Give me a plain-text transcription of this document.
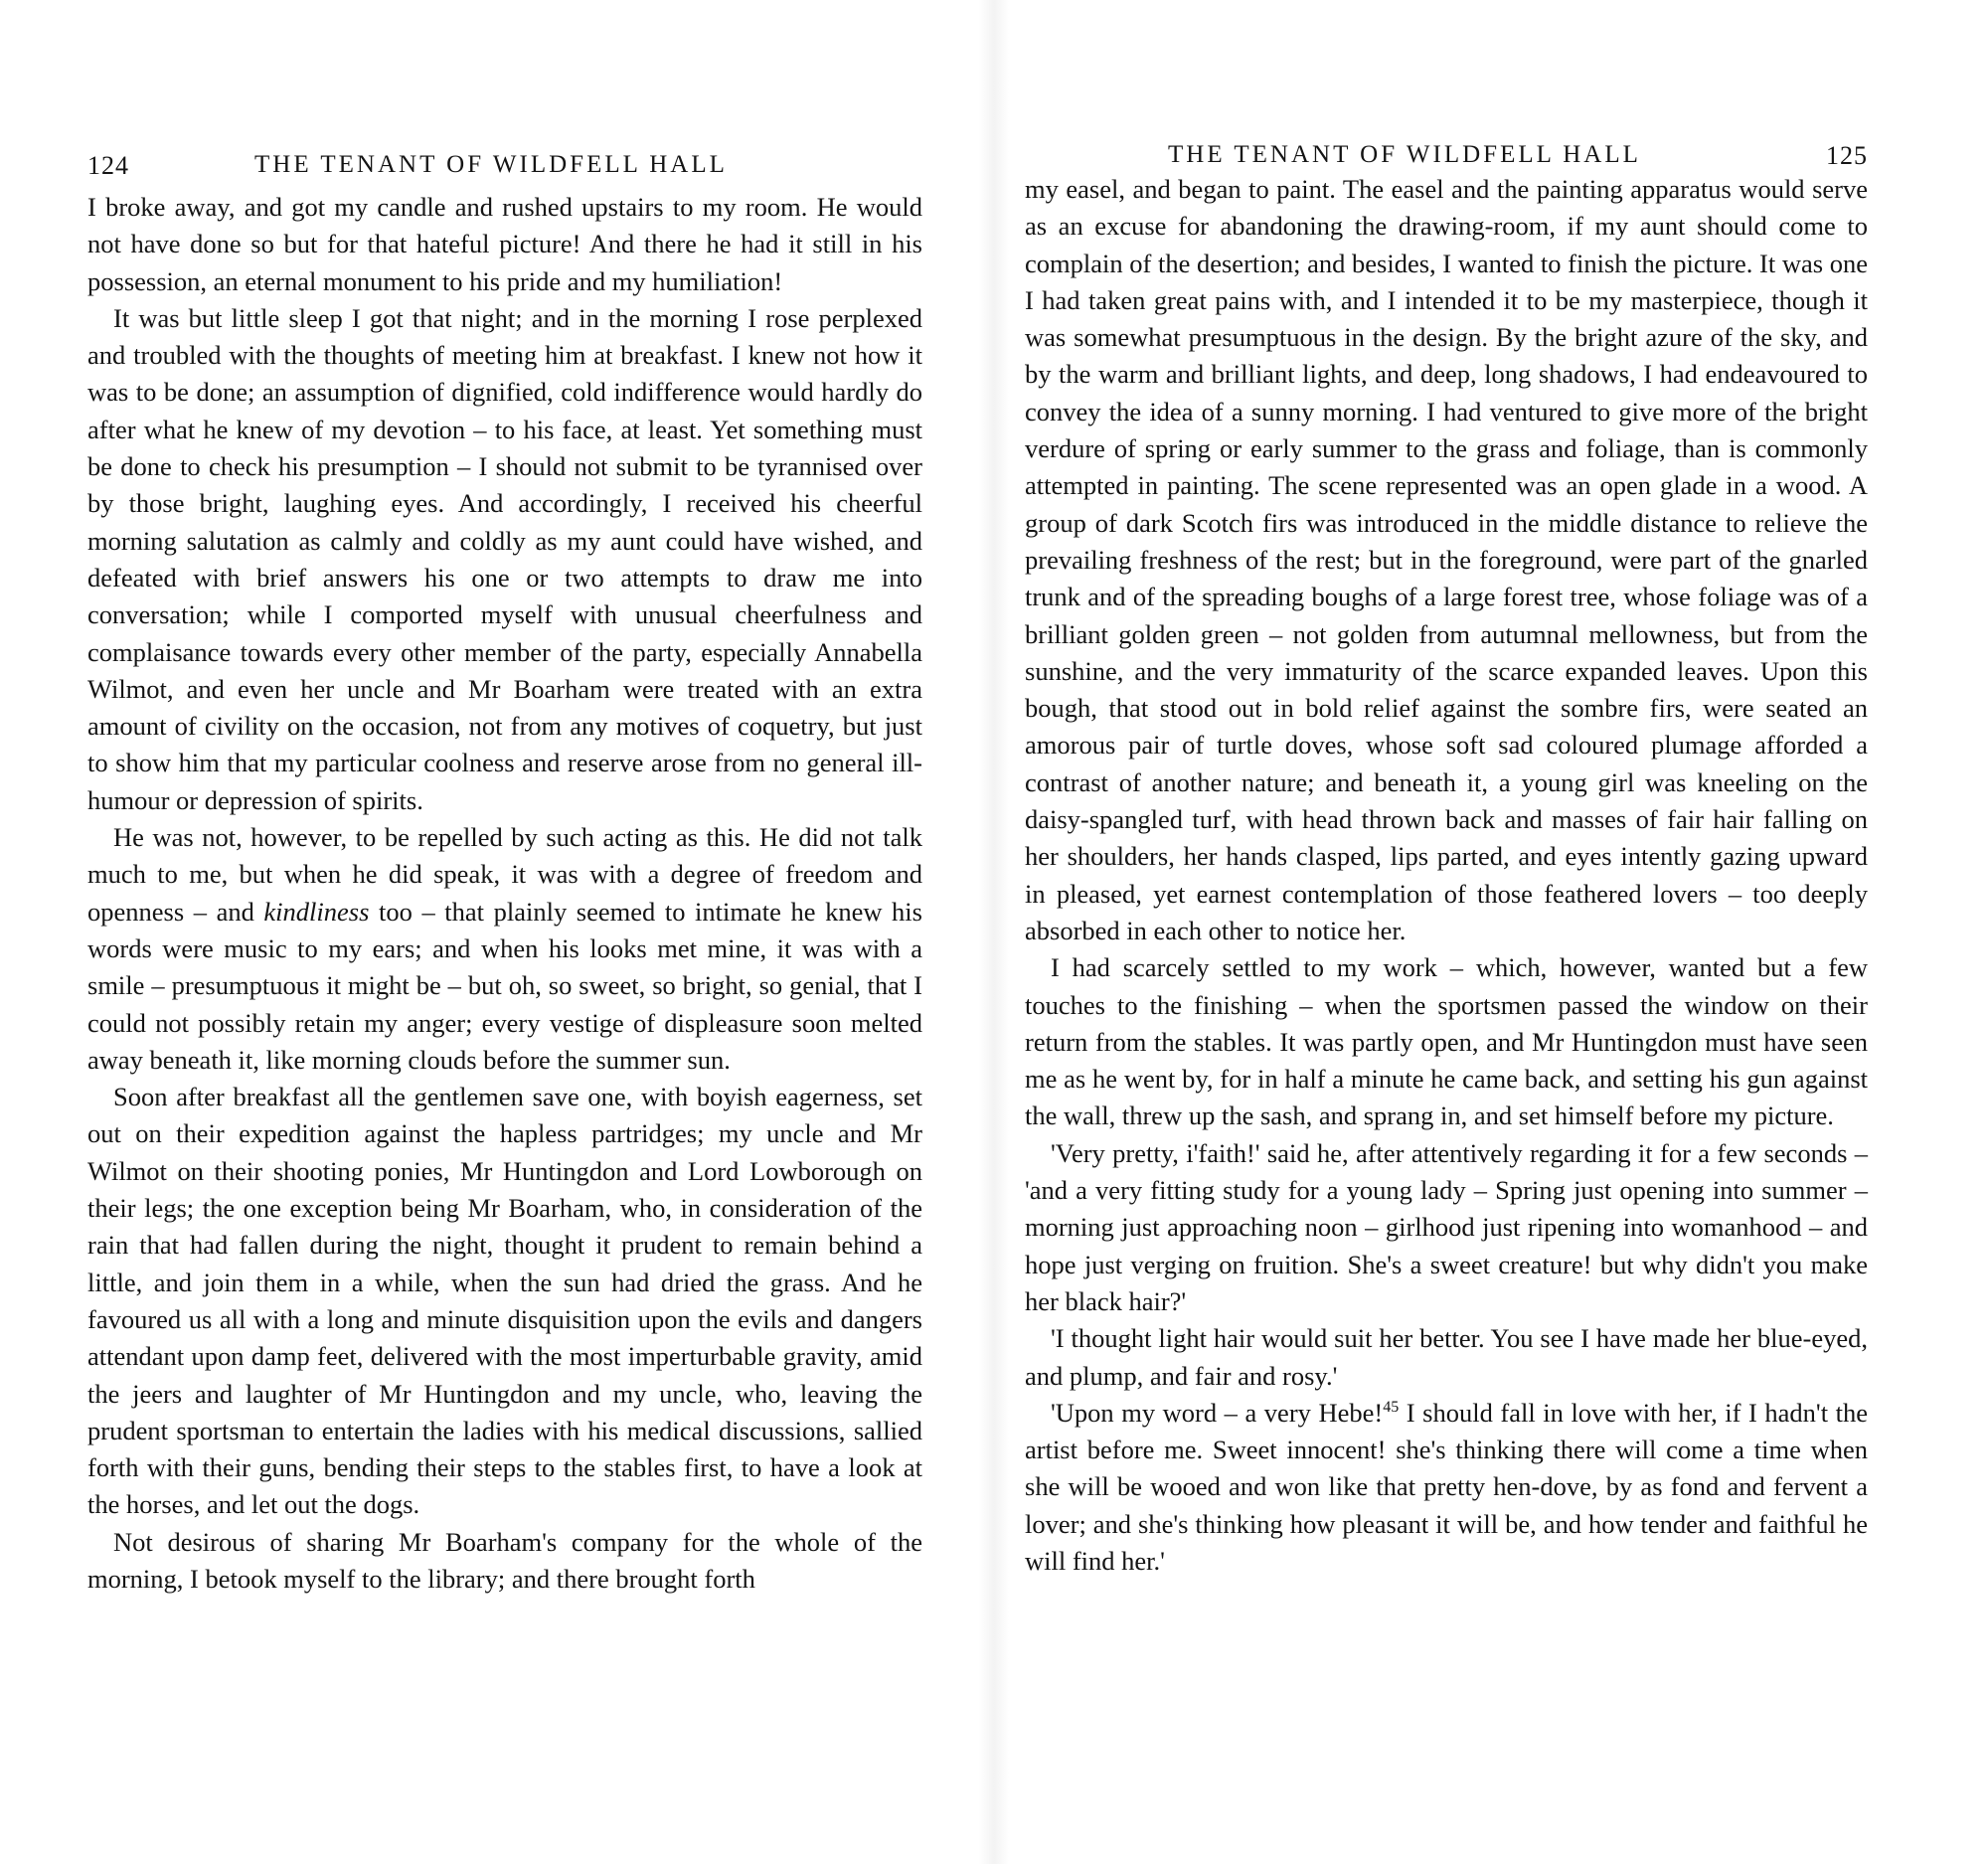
124	THE TENANT OF WILDFELL HALL

I broke away, and got my candle and rushed upstairs to my room. He would not have done so but for that hateful picture! And there he had it still in his possession, an eternal monument to his pride and my humiliation!

It was but little sleep I got that night; and in the morning I rose perplexed and troubled with the thoughts of meeting him at breakfast. I knew not how it was to be done; an assumption of dignified, cold indifference would hardly do after what he knew of my devotion – to his face, at least. Yet something must be done to check his presumption – I should not submit to be tyrannised over by those bright, laughing eyes. And accordingly, I received his cheerful morning salutation as calmly and coldly as my aunt could have wished, and defeated with brief answers his one or two attempts to draw me into conversation; while I comported myself with unusual cheerfulness and complaisance towards every other member of the party, especially Annabella Wilmot, and even her uncle and Mr Boarham were treated with an extra amount of civility on the occasion, not from any motives of coquetry, but just to show him that my particular coolness and reserve arose from no general ill-humour or depression of spirits.

He was not, however, to be repelled by such acting as this. He did not talk much to me, but when he did speak, it was with a degree of freedom and openness – and kindliness too – that plainly seemed to intimate he knew his words were music to my ears; and when his looks met mine, it was with a smile – presumptuous it might be – but oh, so sweet, so bright, so genial, that I could not possibly retain my anger; every vestige of displeasure soon melted away beneath it, like morning clouds before the summer sun.

Soon after breakfast all the gentlemen save one, with boyish eagerness, set out on their expedition against the hapless partridges; my uncle and Mr Wilmot on their shooting ponies, Mr Huntingdon and Lord Lowborough on their legs; the one exception being Mr Boarham, who, in consideration of the rain that had fallen during the night, thought it prudent to remain behind a little, and join them in a while, when the sun had dried the grass. And he favoured us all with a long and minute disquisition upon the evils and dangers attendant upon damp feet, delivered with the most imperturbable gravity, amid the jeers and laughter of Mr Huntingdon and my uncle, who, leaving the prudent sportsman to entertain the ladies with his medical discussions, sallied forth with their guns, bending their steps to the stables first, to have a look at the horses, and let out the dogs.

Not desirous of sharing Mr Boarham's company for the whole of the morning, I betook myself to the library; and there brought forth

THE TENANT OF WILDFELL HALL	125

my easel, and began to paint. The easel and the painting apparatus would serve as an excuse for abandoning the drawing-room, if my aunt should come to complain of the desertion; and besides, I wanted to finish the picture. It was one I had taken great pains with, and I intended it to be my masterpiece, though it was somewhat presumptuous in the design. By the bright azure of the sky, and by the warm and brilliant lights, and deep, long shadows, I had endeavoured to convey the idea of a sunny morning. I had ventured to give more of the bright verdure of spring or early summer to the grass and foliage, than is commonly attempted in painting. The scene represented was an open glade in a wood. A group of dark Scotch firs was introduced in the middle distance to relieve the prevailing freshness of the rest; but in the foreground, were part of the gnarled trunk and of the spreading boughs of a large forest tree, whose foliage was of a brilliant golden green – not golden from autumnal mellowness, but from the sunshine, and the very immaturity of the scarce expanded leaves. Upon this bough, that stood out in bold relief against the sombre firs, were seated an amorous pair of turtle doves, whose soft sad coloured plumage afforded a contrast of another nature; and beneath it, a young girl was kneeling on the daisy-spangled turf, with head thrown back and masses of fair hair falling on her shoulders, her hands clasped, lips parted, and eyes intently gazing upward in pleased, yet earnest contemplation of those feathered lovers – too deeply absorbed in each other to notice her.

I had scarcely settled to my work – which, however, wanted but a few touches to the finishing – when the sportsmen passed the window on their return from the stables. It was partly open, and Mr Huntingdon must have seen me as he went by, for in half a minute he came back, and setting his gun against the wall, threw up the sash, and sprang in, and set himself before my picture.

'Very pretty, i'faith!' said he, after attentively regarding it for a few seconds – 'and a very fitting study for a young lady – Spring just opening into summer – morning just approaching noon – girlhood just ripening into womanhood – and hope just verging on fruition. She's a sweet creature! but why didn't you make her black hair?'

'I thought light hair would suit her better. You see I have made her blue-eyed, and plump, and fair and rosy.'

'Upon my word – a very Hebe!$^{45}$ I should fall in love with her, if I hadn't the artist before me. Sweet innocent! she's thinking there will come a time when she will be wooed and won like that pretty hen-dove, by as fond and fervent a lover; and she's thinking how pleasant it will be, and how tender and faithful he will find her.'
